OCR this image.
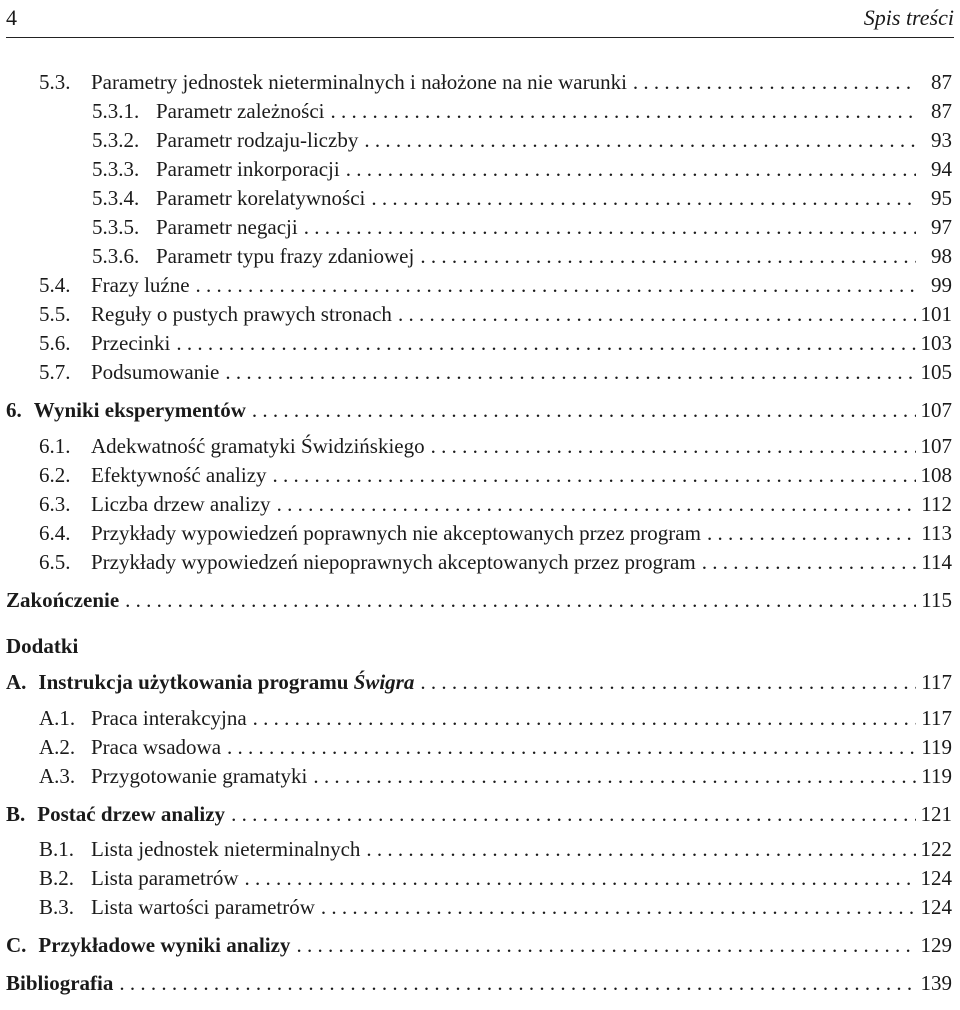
4	Spis treści
5.3. Parametry jednostek nieterminalnych i nałożone na nie warunki . . .	87
5.3.1. Parametr zależności . . .	87
5.3.2. Parametr rodzaju-liczby . . .	93
5.3.3. Parametr inkorporacji . . .	94
5.3.4. Parametr korelatywności . . .	95
5.3.5. Parametr negacji . . .	97
5.3.6. Parametr typu frazy zdaniowej . . .	98
5.4. Frazy luźne . . .	99
5.5. Reguły o pustych prawych stronach . . .	101
5.6. Przecinki . . .	103
5.7. Podsumowanie . . .	105
6. Wyniki eksperymentów . . .	107
6.1. Adekwatność gramatyki Świdzińskiego . . .	107
6.2. Efektywność analizy . . .	108
6.3. Liczba drzew analizy . . .	112
6.4. Przykłady wypowiedzeń poprawnych nie akceptowanych przez program . . .	113
6.5. Przykłady wypowiedzeń niepoprawnych akceptowanych przez program . . .	114
Zakończenie . . .	115
A. Instrukcja użytkowania programu Świgra . . .	117
A.1. Praca interakcyjna . . .	117
A.2. Praca wsadowa . . .	119
A.3. Przygotowanie gramatyki . . .	119
B. Postać drzew analizy . . .	121
B.1. Lista jednostek nieterminalnych . . .	122
B.2. Lista parametrów . . .	124
B.3. Lista wartości parametrów . . .	124
C. Przykładowe wyniki analizy . . .	129
Bibliografia . . .	139
Dodatki
